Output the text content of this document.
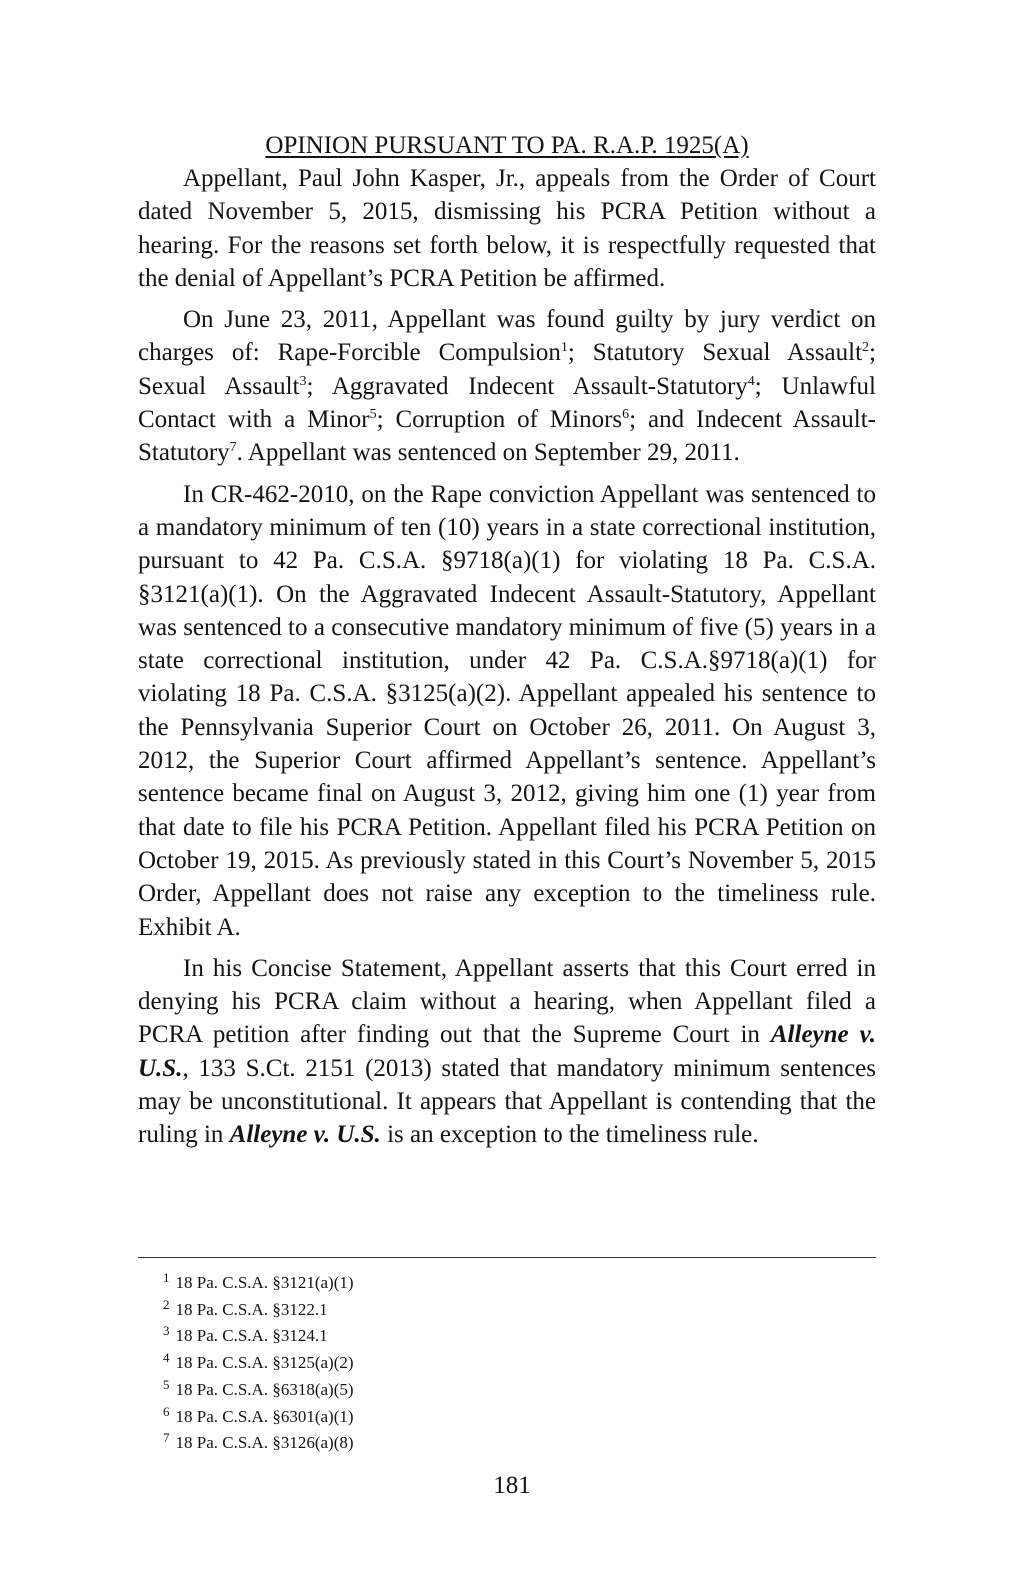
OPINION PURSUANT TO PA. R.A.P. 1925(A)

Appellant, Paul John Kasper, Jr., appeals from the Order of Court dated November 5, 2015, dismissing his PCRA Petition without a hearing. For the reasons set forth below, it is respectfully requested that the denial of Appellant’s PCRA Petition be affirmed.

On June 23, 2011, Appellant was found guilty by jury verdict on charges of: Rape-Forcible Compulsion$^1$; Statutory Sexual Assault$^2$; Sexual Assault$^3$; Aggravated Indecent Assault-Statutory$^4$; Unlawful Contact with a Minor$^5$; Corruption of Minors$^6$; and Indecent Assault-Statutory$^7$. Appellant was sentenced on September 29, 2011.

In CR-462-2010, on the Rape conviction Appellant was sentenced to a mandatory minimum of ten (10) years in a state correctional institution, pursuant to 42 Pa. C.S.A. §9718(a)(1) for violating 18 Pa. C.S.A. §3121(a)(1). On the Aggravated Indecent Assault-Statutory, Appellant was sentenced to a consecutive mandatory minimum of five (5) years in a state correctional institution, under 42 Pa. C.S.A.§9718(a)(1) for violating 18 Pa. C.S.A. §3125(a)(2). Appellant appealed his sentence to the Pennsylvania Superior Court on October 26, 2011. On August 3, 2012, the Superior Court affirmed Appellant’s sentence. Appellant’s sentence became final on August 3, 2012, giving him one (1) year from that date to file his PCRA Petition. Appellant filed his PCRA Petition on October 19, 2015. As previously stated in this Court’s November 5, 2015 Order, Appellant does not raise any exception to the timeliness rule. Exhibit A.

In his Concise Statement, Appellant asserts that this Court erred in denying his PCRA claim without a hearing, when Appellant filed a PCRA petition after finding out that the Supreme Court in Alleyne v. U.S., 133 S.Ct. 2151 (2013) stated that mandatory minimum sentences may be unconstitutional. It appears that Appellant is contending that the ruling in Alleyne v. U.S. is an exception to the timeliness rule.

$^1$ 18 Pa. C.S.A. §3121(a)(1)
$^2$ 18 Pa. C.S.A. §3122.1
$^3$ 18 Pa. C.S.A. §3124.1
$^4$ 18 Pa. C.S.A. §3125(a)(2)
$^5$ 18 Pa. C.S.A. §6318(a)(5)
$^6$ 18 Pa. C.S.A. §6301(a)(1)
$^7$ 18 Pa. C.S.A. §3126(a)(8)
181
